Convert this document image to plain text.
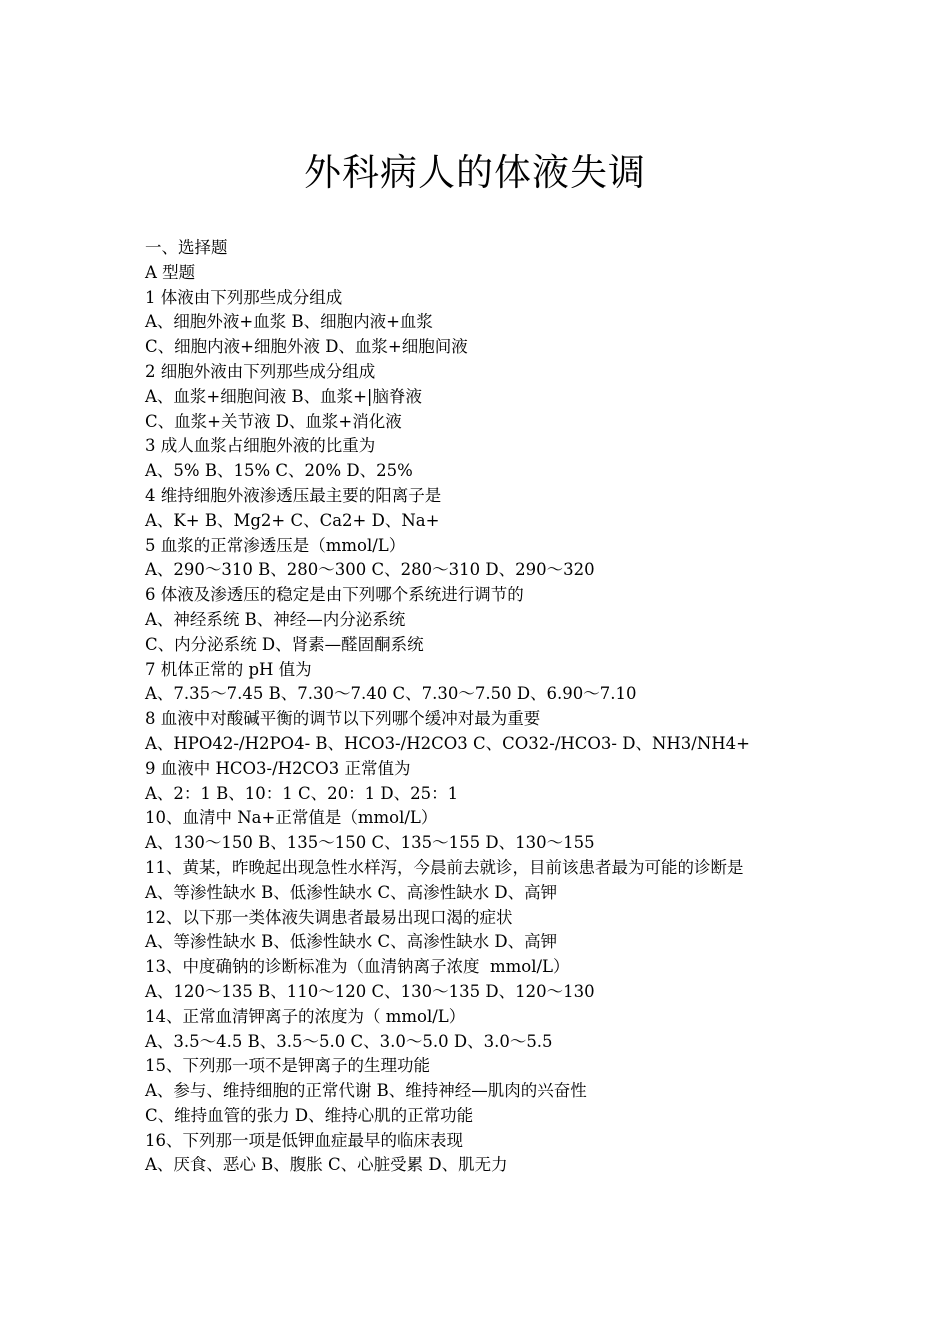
外科病人的体液失调
一、选择题
A 型题
1 体液由下列那些成分组成
A、细胞外液+血浆 B、细胞内液+血浆
C、细胞内液+细胞外液 D、血浆+细胞间液
2 细胞外液由下列那些成分组成
A、血浆+细胞间液 B、血浆+|脑脊液
C、血浆+关节液 D、血浆+消化液
3 成人血浆占细胞外液的比重为
A、5% B、15% C、20% D、25%
4 维持细胞外液渗透压最主要的阳离子是
A、K+ B、Mg2+ C、Ca2+ D、Na+
5 血浆的正常渗透压是（mmol/L）
A、290～310 B、280～300 C、280～310 D、290～320
6 体液及渗透压的稳定是由下列哪个系统进行调节的
A、神经系统 B、神经—内分泌系统
C、内分泌系统 D、肾素—醛固酮系统
7 机体正常的 pH 值为
A、7.35～7.45 B、7.30～7.40 C、7.30～7.50 D、6.90～7.10
8 血液中对酸碱平衡的调节以下列哪个缓冲对最为重要
A、HPO42-/H2PO4- B、HCO3-/H2CO3 C、CO32-/HCO3- D、NH3/NH4+
9 血液中 HCO3-/H2CO3 正常值为
A、2：1 B、10：1 C、20：1 D、25：1
10、血清中 Na+正常值是（mmol/L）
A、130～150 B、135～150 C、135～155 D、130～155
11、黄某，昨晚起出现急性水样泻，今晨前去就诊，目前该患者最为可能的诊断是
A、等渗性缺水 B、低渗性缺水 C、高渗性缺水 D、高钾
12、以下那一类体液失调患者最易出现口渴的症状
A、等渗性缺水 B、低渗性缺水 C、高渗性缺水 D、高钾
13、中度确钠的诊断标准为（血清钠离子浓度  mmol/L）
A、120～135 B、110～120 C、130～135 D、120～130
14、正常血清钾离子的浓度为（ mmol/L）
A、3.5～4.5 B、3.5～5.0 C、3.0～5.0 D、3.0～5.5
15、下列那一项不是钾离子的生理功能
A、参与、维持细胞的正常代谢 B、维持神经—肌肉的兴奋性
C、维持血管的张力 D、维持心肌的正常功能
16、下列那一项是低钾血症最早的临床表现
A、厌食、恶心 B、腹胀 C、心脏受累 D、肌无力
